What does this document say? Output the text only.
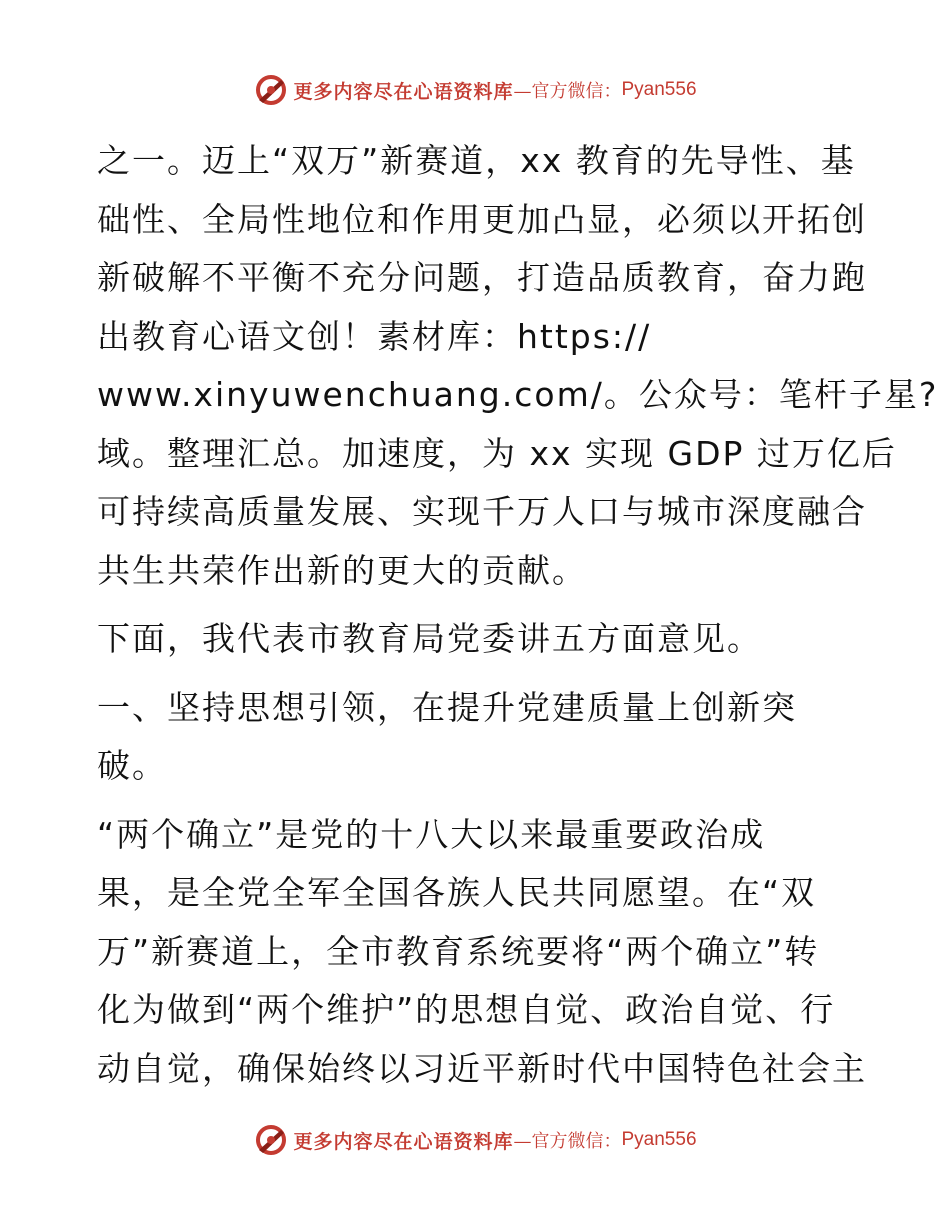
更多内容尽在心语资料库 —官方微信： Pyan556

之一。迈上“双万”新赛道，xx 教育的先导性、基

础性、全局性地位和作用更加凸显，必须以开拓创

新破解不平衡不充分问题，打造品质教育，奋力跑

出教育心语文创！素材库：https://

www.xinyuwenchuang.com/。公众号：笔杆子星?

域。整理汇总。加速度，为 xx 实现 GDP 过万亿后

可持续高质量发展、实现千万人口与城市深度融合

共生共荣作出新的更大的贡献。

下面，我代表市教育局党委讲五方面意见。

一、坚持思想引领，在提升党建质量上创新突

破。

“两个确立”是党的十八大以来最重要政治成

果，是全党全军全国各族人民共同愿望。在“双

万”新赛道上，全市教育系统要将“两个确立”转

化为做到“两个维护”的思想自觉、政治自觉、行

动自觉，确保始终以习近平新时代中国特色社会主

更多内容尽在心语资料库 —官方微信： Pyan556
